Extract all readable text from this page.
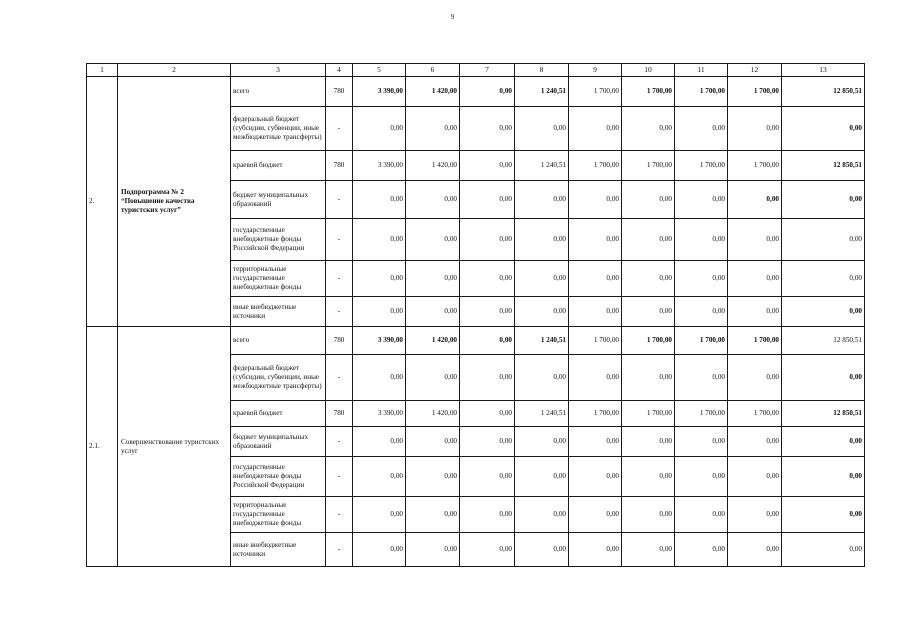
9
1	2	3	4	5	6	7	8	9	10	11	12	13
2.	Подпрограмма № 2 “Повышение качества туристских услуг”	всего	780	3 390,00	1 420,00	0,00	1 240,51	1 700,00	1 700,00	1 700,00	1 700,00	12 850,51
		федеральный бюджет (субсидии, субвенции, иные межбюджетные трансферты)	-	0,00	0,00	0,00	0,00	0,00	0,00	0,00	0,00	0,00
		краевой бюджет	780	3 390,00	1 420,00	0,00	1 240,51	1 700,00	1 700,00	1 700,00	1 700,00	12 850,51
		бюджет муниципальных образований	-	0,00	0,00	0,00	0,00	0,00	0,00	0,00	0,00	0,00
		государственные внебюджетные фонды Российской Федерации	-	0,00	0,00	0,00	0,00	0,00	0,00	0,00	0,00	0,00
		территориальные государственные внебюджетные фонды	-	0,00	0,00	0,00	0,00	0,00	0,00	0,00	0,00	0,00
		иные внебюджетные источники	-	0,00	0,00	0,00	0,00	0,00	0,00	0,00	0,00	0,00
2.1.	Совершенствование туристских услуг	всего	780	3 390,00	1 420,00	0,00	1 240,51	1 700,00	1 700,00	1 700,00	1 700,00	12 850,51
		федеральный бюджет (субсидии, субвенции, иные межбюджетные трансферты)	-	0,00	0,00	0,00	0,00	0,00	0,00	0,00	0,00	0,00
		краевой бюджет	780	3 390,00	1 420,00	0,00	1 240,51	1 700,00	1 700,00	1 700,00	1 700,00	12 850,51
		бюджет муниципальных образований	-	0,00	0,00	0,00	0,00	0,00	0,00	0,00	0,00	0,00
		государственные внебюджетные фонды Российской Федерации	-	0,00	0,00	0,00	0,00	0,00	0,00	0,00	0,00	0,00
		территориальные государственные внебюджетные фонды	-	0,00	0,00	0,00	0,00	0,00	0,00	0,00	0,00	0,00
		иные внебюджетные источники	-	0,00	0,00	0,00	0,00	0,00	0,00	0,00	0,00	0,00
